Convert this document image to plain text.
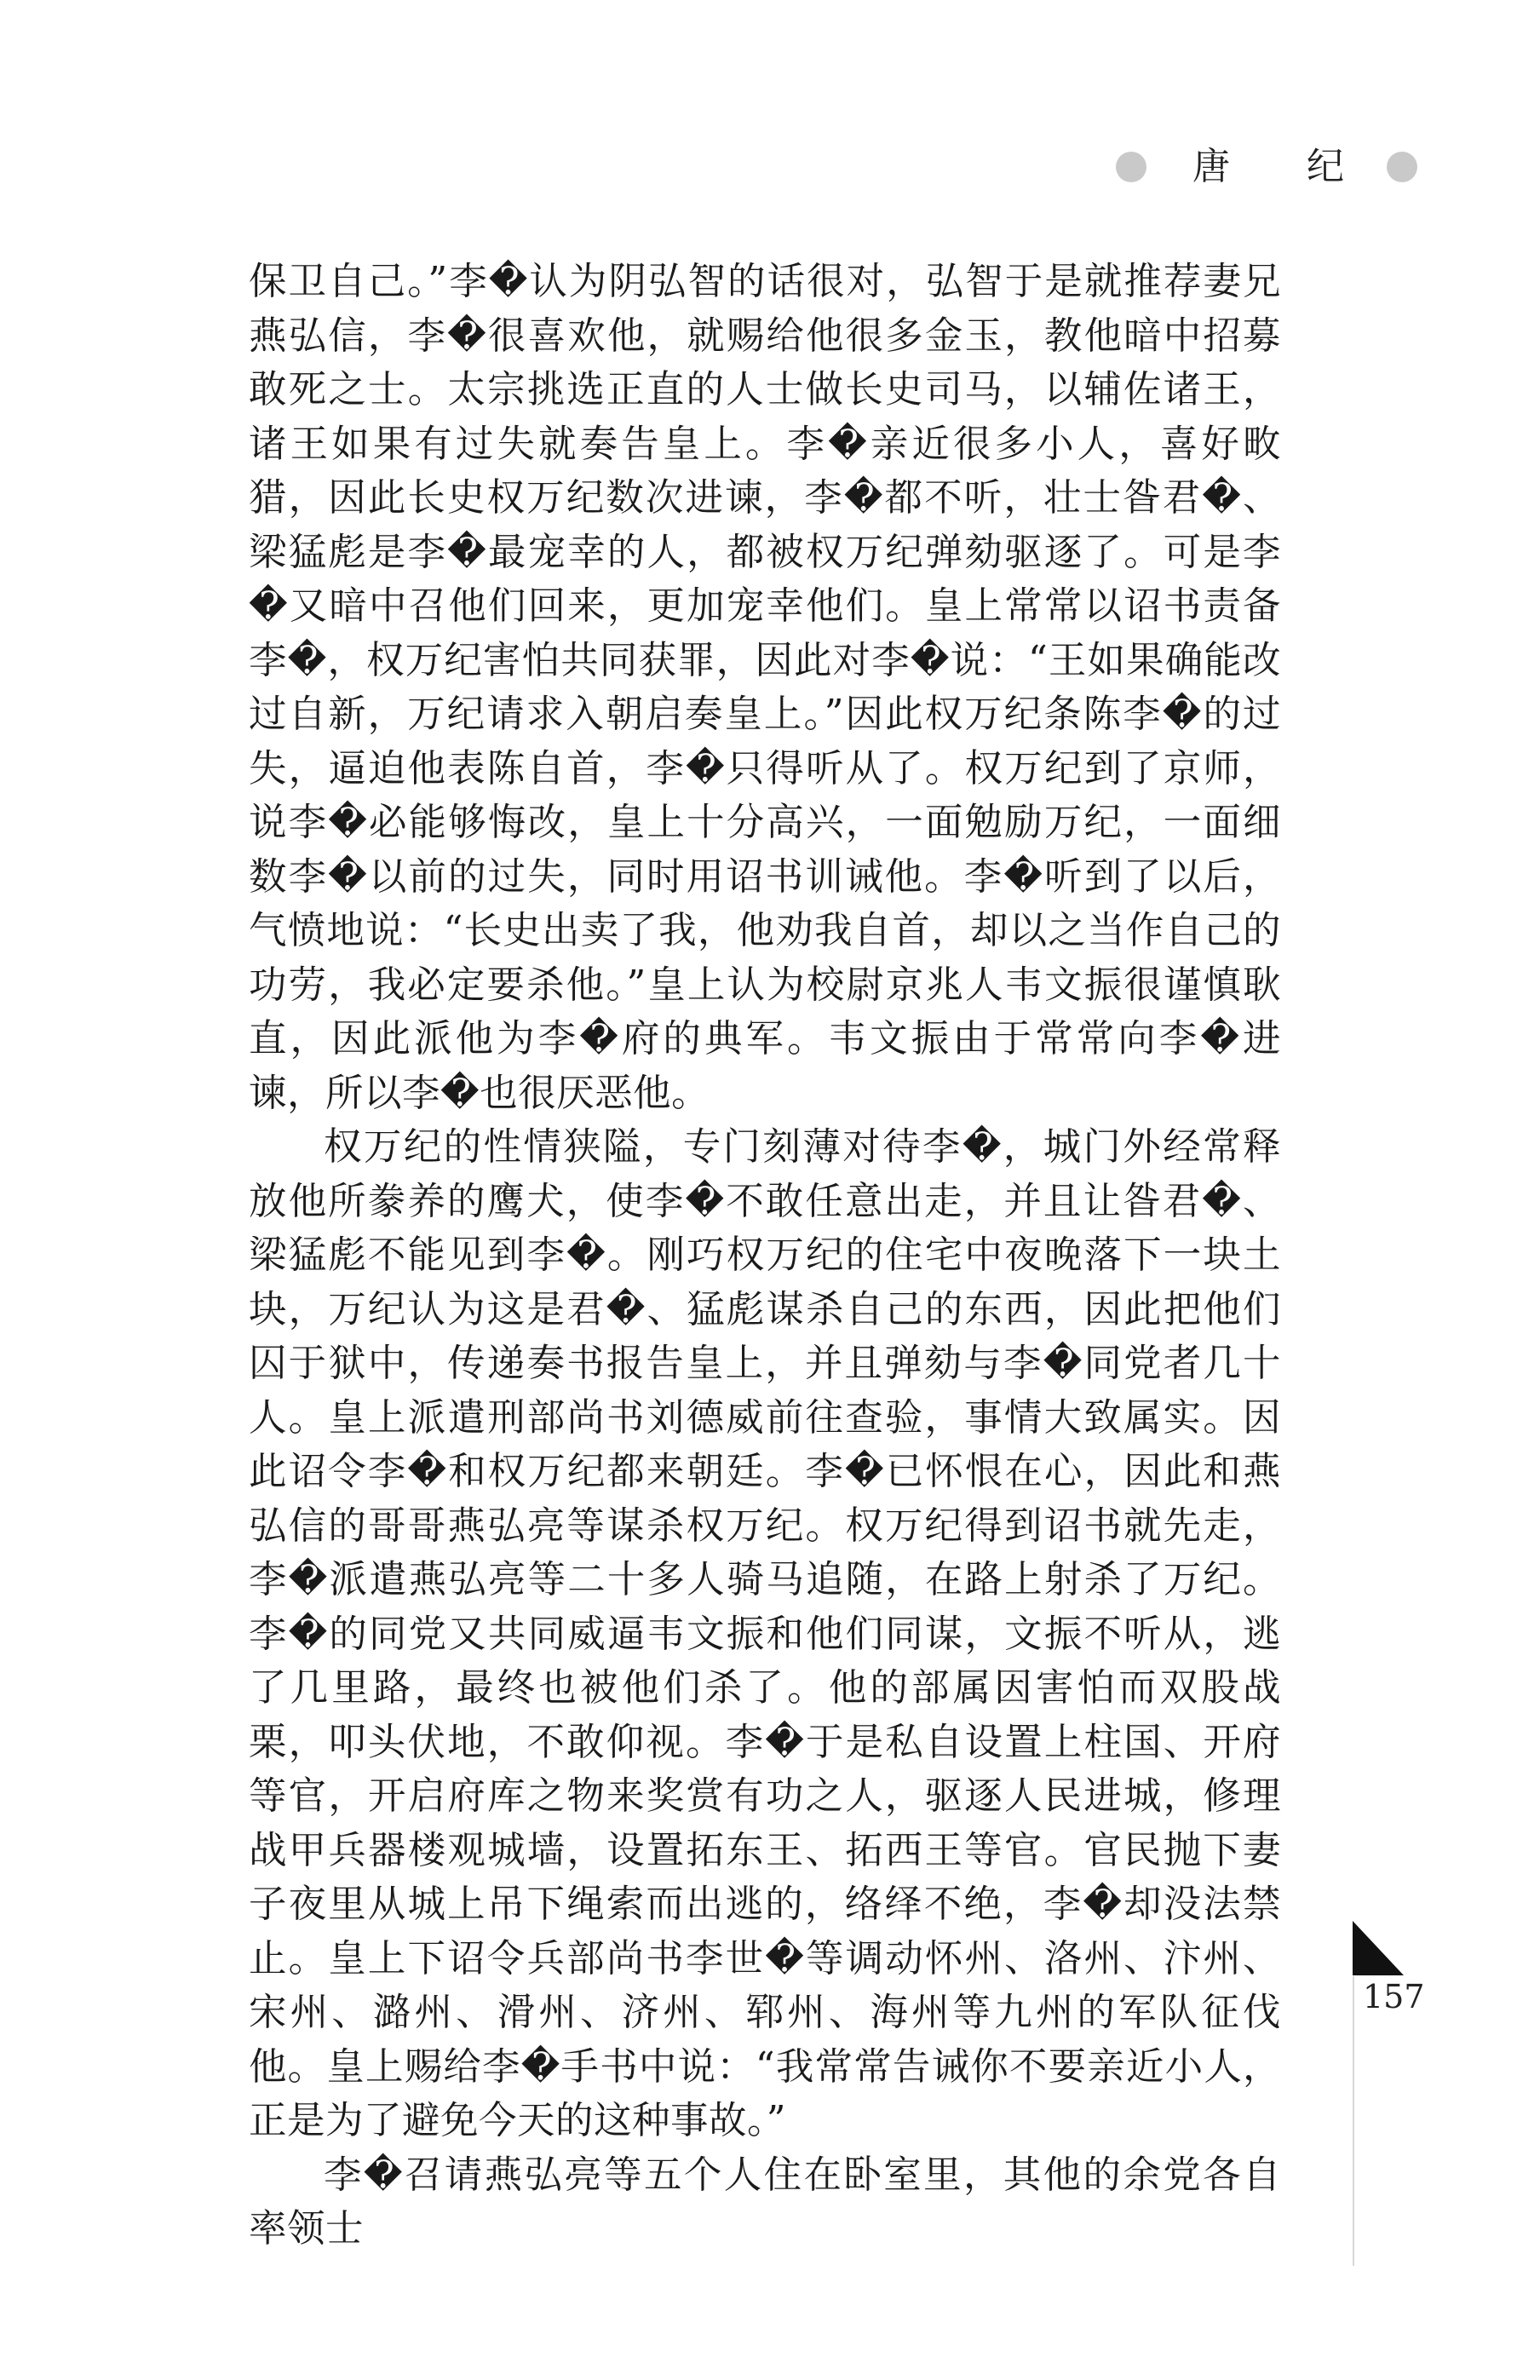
唐 纪

保卫自己。”李�认为阴弘智的话很对，弘智于是就推荐妻兄燕弘信，李�很喜欢他，就赐给他很多金玉，教他暗中招募敢死之士。太宗挑选正直的人士做长史司马，以辅佐诸王，诸王如果有过失就奏告皇上。李�亲近很多小人，喜好畋猎，因此长史权万纪数次进谏，李�都不听，壮士昝君�、梁猛彪是李�最宠幸的人，都被权万纪弹劾驱逐了。可是李�又暗中召他们回来，更加宠幸他们。皇上常常以诏书责备李�，权万纪害怕共同获罪，因此对李�说：“王如果确能改过自新，万纪请求入朝启奏皇上。”因此权万纪条陈李�的过失，逼迫他表陈自首，李�只得听从了。权万纪到了京师，说李�必能够悔改，皇上十分高兴，一面勉励万纪，一面细数李�以前的过失，同时用诏书训诫他。李�听到了以后，气愤地说：“长史出卖了我，他劝我自首，却以之当作自己的功劳，我必定要杀他。”皇上认为校尉京兆人韦文振很谨慎耿直，因此派他为李�府的典军。韦文振由于常常向李�进谏，所以李�也很厌恶他。

权万纪的性情狭隘，专门刻薄对待李�，城门外经常释放他所豢养的鹰犬，使李�不敢任意出走，并且让昝君�、梁猛彪不能见到李�。刚巧权万纪的住宅中夜晚落下一块土块，万纪认为这是君�、猛彪谋杀自己的东西，因此把他们囚于狱中，传递奏书报告皇上，并且弹劾与李�同党者几十人。皇上派遣刑部尚书刘德威前往查验，事情大致属实。因此诏令李�和权万纪都来朝廷。李�已怀恨在心，因此和燕弘信的哥哥燕弘亮等谋杀权万纪。权万纪得到诏书就先走，李�派遣燕弘亮等二十多人骑马追随，在路上射杀了万纪。李�的同党又共同威逼韦文振和他们同谋，文振不听从，逃了几里路，最终也被他们杀了。他的部属因害怕而双股战栗，叩头伏地，不敢仰视。李�于是私自设置上柱国、开府等官，开启府库之物来奖赏有功之人，驱逐人民进城，修理战甲兵器楼观城墙，设置拓东王、拓西王等官。官民抛下妻子夜里从城上吊下绳索而出逃的，络绎不绝，李�却没法禁止。皇上下诏令兵部尚书李世�等调动怀州、洛州、汴州、宋州、潞州、滑州、济州、郓州、海州等九州的军队征伐他。皇上赐给李�手书中说：“我常常告诫你不要亲近小人，正是为了避免今天的这种事故。”

李�召请燕弘亮等五个人住在卧室里，其他的余党各自率领士

157
